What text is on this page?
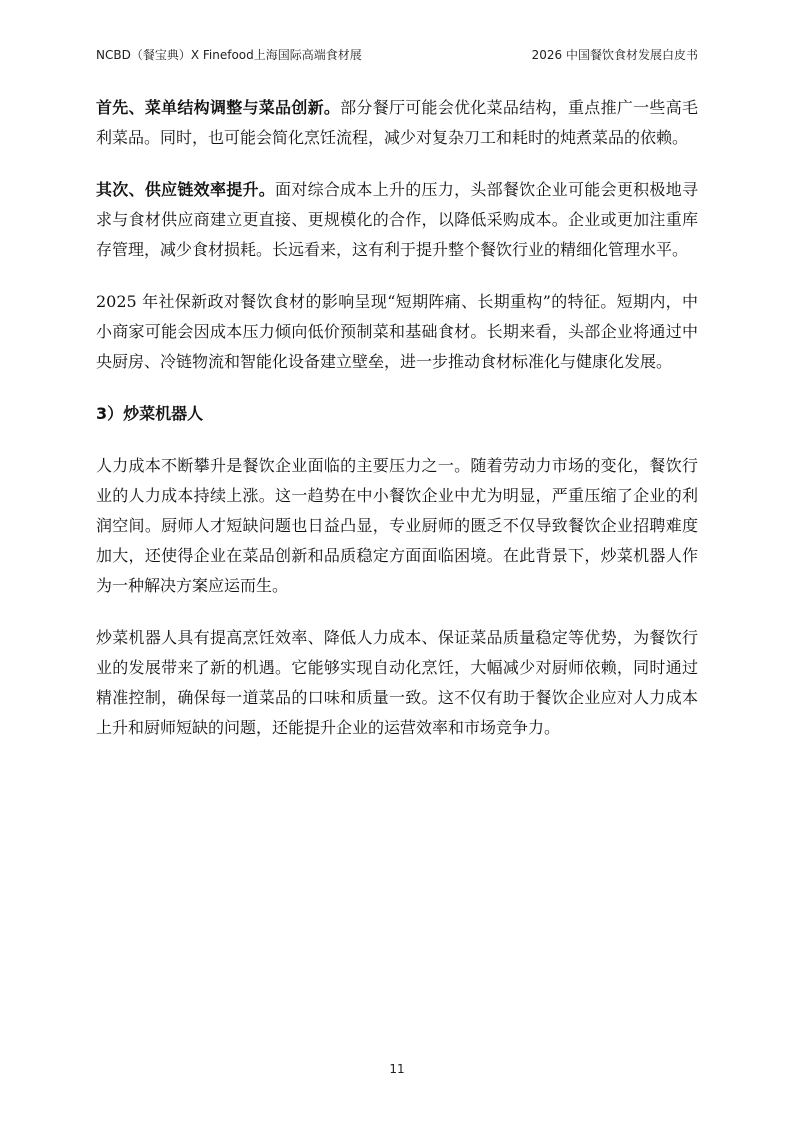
NCBD（餐宝典）X Finefood上海国际高端食材展	2026 中国餐饮食材发展白皮书

首先、菜单结构调整与菜品创新。部分餐厅可能会优化菜品结构，重点推广一些高毛利菜品。同时，也可能会简化烹饪流程，减少对复杂刀工和耗时的炖煮菜品的依赖。

其次、供应链效率提升。面对综合成本上升的压力，头部餐饮企业可能会更积极地寻求与食材供应商建立更直接、更规模化的合作，以降低采购成本。企业或更加注重库存管理，减少食材损耗。长远看来，这有利于提升整个餐饮行业的精细化管理水平。

2025 年社保新政对餐饮食材的影响呈现“短期阵痛、长期重构”的特征。短期内，中小商家可能会因成本压力倾向低价预制菜和基础食材。长期来看，头部企业将通过中央厨房、冷链物流和智能化设备建立壁垒，进一步推动食材标准化与健康化发展。

3）炒菜机器人

人力成本不断攀升是餐饮企业面临的主要压力之一。随着劳动力市场的变化，餐饮行业的人力成本持续上涨。这一趋势在中小餐饮企业中尤为明显，严重压缩了企业的利润空间。厨师人才短缺问题也日益凸显，专业厨师的匮乏不仅导致餐饮企业招聘难度加大，还使得企业在菜品创新和品质稳定方面面临困境。在此背景下，炒菜机器人作为一种解决方案应运而生。

炒菜机器人具有提高烹饪效率、降低人力成本、保证菜品质量稳定等优势，为餐饮行业的发展带来了新的机遇。它能够实现自动化烹饪，大幅减少对厨师依赖，同时通过精准控制，确保每一道菜品的口味和质量一致。这不仅有助于餐饮企业应对人力成本上升和厨师短缺的问题，还能提升企业的运营效率和市场竞争力。

11
